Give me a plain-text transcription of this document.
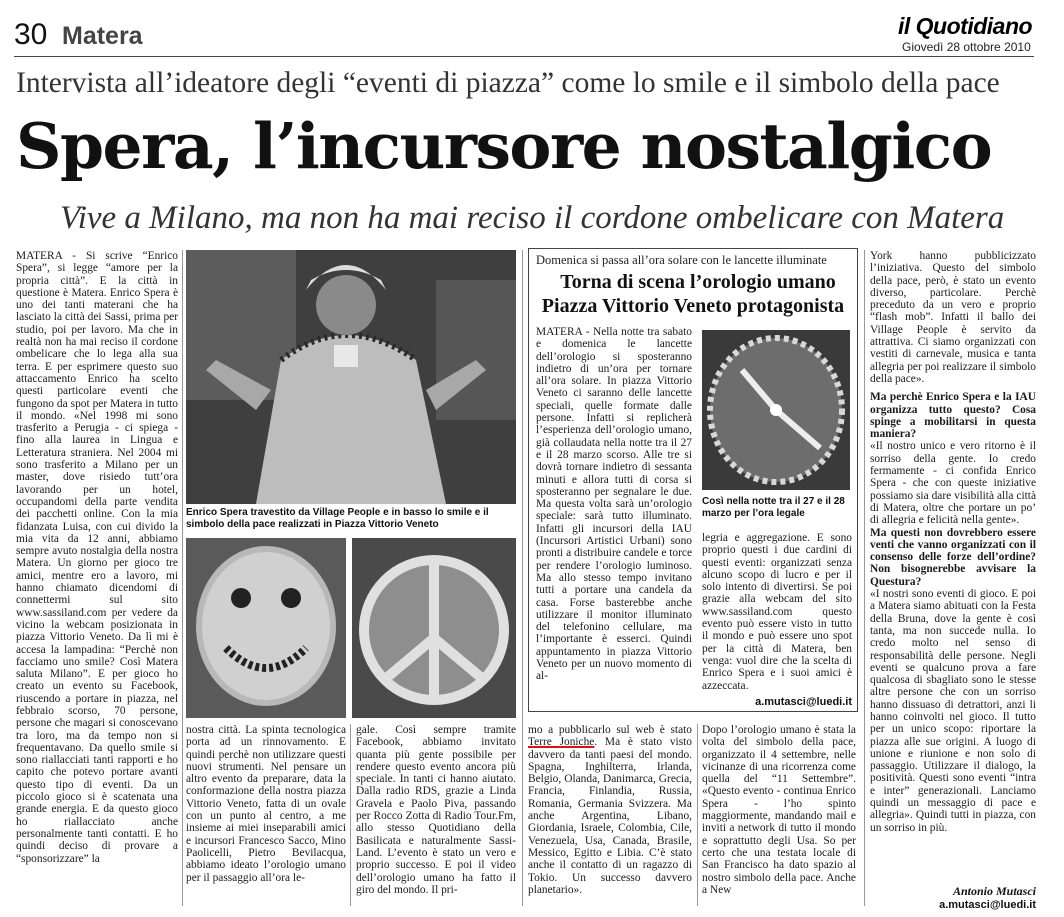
30 Matera	il Quotidiano
Giovedì 28 ottobre 2010
Intervista all’ideatore degli “eventi di piazza” come lo smile e il simbolo della pace
Spera, l’incursore nostalgico
Vive a Milano, ma non ha mai reciso il cordone ombelicare con Matera
MATERA - Si scrive “Enrico Spera”, si legge “amore per la propria città”. E la città in questione è Matera. Enrico Spera è uno dei tanti materani che ha lasciato la città dei Sassi, prima per studio, poi per lavoro. Ma che in realtà non ha mai reciso il cordone ombelicare che lo lega alla sua terra. E per esprimere questo suo attaccamento Enrico ha scelto questi particolare eventi che fungono da spot per Matera in tutto il mondo. «Nel 1998 mi sono trasferito a Perugia - ci spiega - fino alla laurea in Lingua e Letteratura straniera. Nel 2004 mi sono trasferito a Milano per un master, dove risiedo tutt’ora lavorando per un hotel, occupandomi della parte vendita dei pacchetti online. Con la mia fidanzata Luisa, con cui divido la mia vita da 12 anni, abbiamo sempre avuto nostalgia della nostra Matera. Un giorno per gioco tre amici, mentre ero a lavoro, mi hanno chiamato dicendomi di connettermi sul sito www.sassiland.com per vedere da vicino la webcam posizionata in piazza Vittorio Veneto. Da lì mi è accesa la lampadina: “Perchè non facciamo uno smile? Così Matera saluta Milano”. E per gioco ho creato un evento su Facebook, riuscendo a portare in piazza, nel febbraio scorso, 70 persone, persone che magari si conoscevano tra loro, ma da tempo non si frequentavano. Da quello smile si sono riallacciati tanti rapporti e ho capito che potevo portare avanti questo tipo di eventi. Da un piccolo gioco si è scatenata una grande energia. E da questo gioco ho riallacciato anche personalmente tanti contatti. E ho quindi deciso di provare a “sponsorizzare” la
Enrico Spera travestito da Village People e in basso lo smile e il simbolo della pace realizzati in Piazza Vittorio Veneto
nostra città. La spinta tecnologica porta ad un rinnovamento. E quindi perchè non utilizzare questi nuovi strumenti. Nel pensare un altro evento da preparare, data la conformazione della nostra piazza Vittorio Veneto, fatta di un ovale con un punto al centro, a me insieme ai miei inseparabili amici e incursori Francesco Sacco, Mino Paolicelli, Pietro Bevilacqua, abbiamo ideato l’orologio umano per il passaggio all’ora le-
gale. Così sempre tramite Facebook, abbiamo invitato quanta più gente possibile per rendere questo evento ancora più speciale. In tanti ci hanno aiutato. Dalla radio RDS, grazie a Linda Gravela e Paolo Piva, passando per Rocco Zotta di Radio Tour.Fm, allo stesso Quotidiano della Basilicata e naturalmente Sassi-Land. L’evento è stato un vero e proprio successo. E poi il video dell’orologio umano ha fatto il giro del mondo. Il pri-
Domenica si passa all’ora solare con le lancette illuminate
Torna di scena l’orologio umano
Piazza Vittorio Veneto protagonista
MATERA - Nella notte tra sabato e domenica le lancette dell’orologio si sposteranno indietro di un’ora per tornare all’ora solare. In piazza Vittorio Veneto ci saranno delle lancette speciali, quelle formate dalle persone. Infatti si replicherà l’esperienza dell’orologio umano, già collaudata nella notte tra il 27 e il 28 marzo scorso. Alle tre si dovrà tornare indietro di sessanta minuti e allora tutti di corsa si sposteranno per segnalare le due. Ma questa volta sarà un’orologio speciale: sarà tutto illuminato. Infatti gli incursori della IAU (Incursori Artistici Urbani) sono pronti a distribuire candele e torce per rendere l’orologio luminoso. Ma allo stesso tempo invitano tutti a portare una candela da casa. Forse basterebbe anche utilizzare il monitor illuminato del telefonino cellulare, ma l’importante è esserci. Quindi appuntamento in piazza Vittorio Veneto per un nuovo momento di al-
Così nella notte tra il 27 e il 28 marzo per l’ora legale
legria e aggregazione. E sono proprio questi i due cardini di questi eventi: organizzati senza alcuno scopo di lucro e per il solo intento di divertirsi. Se poi grazie alla webcam del sito www.sassiland.com questo evento può essere visto in tutto il mondo e può essere uno spot per la città di Matera, ben venga: vuol dire che la scelta di Enrico Spera e i suoi amici è azzeccata.
a.mutasci@luedi.it
mo a pubblicarlo sul web è stato Terre Joniche. Ma è stato visto davvero da tanti paesi del mondo. Spagna, Inghilterra, Irlanda, Belgio, Olanda, Danimarca, Grecia, Francia, Finlandia, Russia, Romania, Germania Svizzera. Ma anche Argentina, Libano, Giordania, Israele, Colombia, Cile, Venezuela, Usa, Canada, Brasile, Messico, Egitto e Libia. C’è stato anche il contatto di un ragazzo di Tokio. Un successo davvero planetario».
Dopo l’orologio umano è stata la volta del simbolo della pace, organizzato il 4 settembre, nelle vicinanze di una ricorrenza come quella del “11 Settembre”. «Questo evento - continua Enrico Spera - l’ho spinto maggiormente, mandando mail e inviti a network di tutto il mondo e soprattutto degli Usa. So per certo che una testata locale di San Francisco ha dato spazio al nostro simbolo della pace. Anche a New

York hanno pubblicizzato l’iniziativa. Questo del simbolo della pace, però, è stato un evento diverso, particolare. Perchè preceduto da un vero e proprio “flash mob”. Infatti il ballo dei Village People è servito da attrattiva. Ci siamo organizzati con vestiti di carnevale, musica e tanta allegria per poi realizzare il simbolo della pace».

Ma perchè Enrico Spera e la IAU organizza tutto questo? Cosa spinge a mobilitarsi in questa maniera?

«Il nostro unico e vero ritorno è il sorriso della gente. Io credo fermamente - ci confida Enrico Spera - che con queste iniziative possiamo sia dare visibilità alla città di Matera, oltre che portare un po’ di allegria e felicità nella gente».

Ma questi non dovrebbero essere venti che vanno organizzati con il consenso delle forze dell’ordine? Non bisognerebbe avvisare la Questura?

«I nostri sono eventi di gioco. E poi a Matera siamo abituati con la Festa della Bruna, dove la gente è così tanta, ma non succede nulla. Io credo molto nel senso di responsabilità delle persone. Negli eventi se qualcuno prova a fare qualcosa di sbagliato sono le stesse altre persone che con un sorriso hanno dissuaso di detrattori, anzi li hanno coinvolti nel gioco. Il tutto per un unico scopo: riportare la piazza alle sue origini. A luogo di unione e riunione e non solo di passaggio. Utilizzare il dialogo, la positività. Questi sono eventi “intra e inter” generazionali. Lanciamo quindi un messaggio di pace e allegria». Quindi tutti in piazza, con un sorriso in più.

Antonio Mutasci
a.mutasci@luedi.it
